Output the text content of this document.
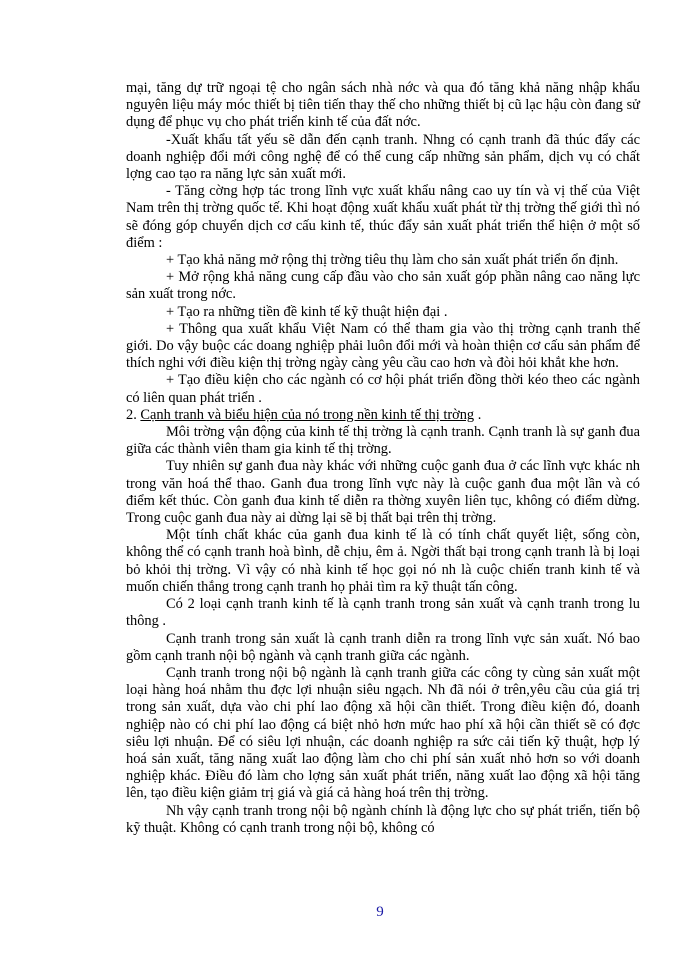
mại, tăng dự trữ ngoại tệ cho ngân sách nhà nớc và qua đó tăng khả năng nhập khẩu nguyên liệu máy móc thiết bị tiên tiến thay thế cho những thiết bị cũ lạc hậu còn đang sử dụng để phục vụ cho phát triển kinh tế của đất nớc.

-Xuất khẩu tất yếu sẽ dẫn đến cạnh tranh. Nhng có cạnh tranh đã thúc đẩy các doanh nghiệp đổi mới công nghệ để có thể cung cấp những sản phẩm, dịch vụ có chất lợng cao tạo ra năng lực sản xuất mới.

- Tăng cờng hợp tác trong lĩnh vực xuất khẩu nâng cao uy tín và vị thế của Việt Nam trên thị trờng quốc tế. Khi hoạt động xuất khẩu xuất phát từ thị trờng thế giới thì nó sẽ đóng góp chuyển dịch cơ cấu kinh tế, thúc đẩy sản xuất phát triển thể hiện ở một số điểm :

+ Tạo khả năng mở rộng thị trờng tiêu thụ làm cho sản xuất phát triển ổn định.

+ Mở rộng khả năng cung cấp đầu vào cho sản xuất góp phần nâng cao năng lực sản xuất trong nớc.

+ Tạo ra những tiền đề kinh tế kỹ thuật hiện đại .

+ Thông qua xuất khẩu Việt Nam có thể tham gia vào thị trờng cạnh tranh thế giới. Do vậy buộc các doang nghiệp phải luôn đổi mới và hoàn thiện cơ cấu sản phẩm để thích nghi với điều kiện thị trờng ngày càng yêu cầu cao hơn và đòi hỏi khắt khe hơn.

+ Tạo điều kiện cho các ngành có cơ hội phát triển đồng thời kéo theo các ngành có liên quan phát triển .

2. Cạnh tranh và biểu hiện của nó trong nền kinh tế thị trờng .

Môi trờng vận động của kinh tế thị trờng là cạnh tranh. Cạnh tranh là sự ganh đua giữa các thành viên tham gia kinh tế thị trờng.

Tuy nhiên sự ganh đua này khác với những cuộc ganh đua ở các lĩnh vực khác nh trong văn hoá thể thao. Ganh đua trong lĩnh vực này là cuộc ganh đua một lần và có điểm kết thúc. Còn ganh đua kinh tế diễn ra thờng xuyên liên tục, không có điểm dừng. Trong cuộc ganh đua này ai dừng lại sẽ bị thất bại trên thị trờng.

Một tính chất khác của ganh đua kinh tế là có tính chất quyết liệt, sống còn, không thể có cạnh tranh hoà bình, dễ chịu, êm ả. Ngời thất bại trong cạnh tranh là bị loại bỏ khỏi thị trờng. Vì vậy có nhà kinh tế học gọi nó nh là cuộc chiến tranh kinh tế và muốn chiến thắng trong cạnh tranh họ phải tìm ra kỹ thuật tấn công.

Có 2 loại cạnh tranh kinh tế là cạnh tranh trong sản xuất và cạnh tranh trong lu thông .

Cạnh tranh trong sản xuất là cạnh tranh diễn ra trong lĩnh vực sản xuất. Nó bao gồm cạnh tranh nội bộ ngành và cạnh tranh giữa các ngành.

Cạnh tranh trong nội bộ ngành là cạnh tranh giữa các công ty cùng sản xuất một loại hàng hoá nhằm thu đợc lợi nhuận siêu ngạch. Nh đã nói ở trên,yêu cầu của giá trị trong sản xuất, dựa vào chi phí lao động xã hội cần thiết. Trong điều kiện đó, doanh nghiệp nào có chi phí lao động cá biệt nhỏ hơn mức hao phí xã hội cần thiết sẽ có đợc siêu lợi nhuận. Để có siêu lợi nhuận, các doanh nghiệp ra sức cải tiến kỹ thuật, hợp lý hoá sản xuất, tăng năng xuất lao động làm cho chi phí sản xuất nhỏ hơn so với doanh nghiệp khác. Điều đó làm cho lợng sản xuất phát triển, năng xuất lao động xã hội tăng lên, tạo điều kiện giảm trị giá và giá cả hàng hoá trên thị trờng.

Nh vậy cạnh tranh trong nội bộ ngành chính là động lực cho sự phát triển, tiến bộ kỹ thuật. Không có cạnh tranh trong nội bộ, không có

9
